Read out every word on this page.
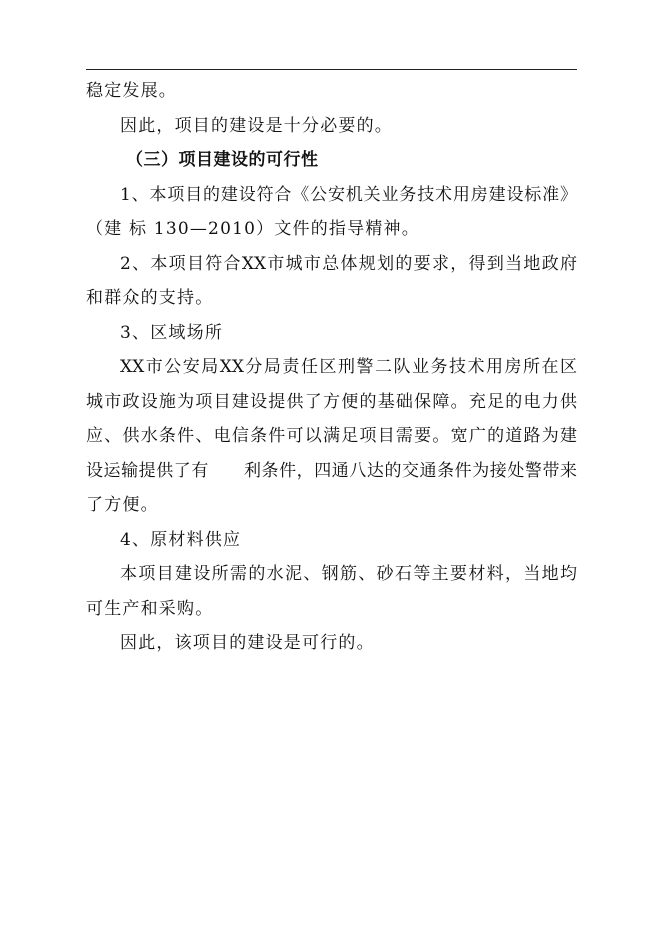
稳定发展。
因此，项目的建设是十分必要的。
（三）项目建设的可行性
1、本项目的建设符合《公安机关业务技术用房建设标准》
（建 标 130—2010）文件的指导精神。
2、本项目符合XX市城市总体规划的要求，得到当地政府
和群众的支持。
3、区域场所
XX市公安局XX分局责任区刑警二队业务技术用房所在区
城市政设施为项目建设提供了方便的基础保障。充足的电力供
应、供水条件、电信条件可以满足项目需要。宽广的道路为建
设运输提供了有　　利条件，四通八达的交通条件为接处警带来
了方便。
4、原材料供应
本项目建设所需的水泥、钢筋、砂石等主要材料，当地均
可生产和采购。
因此，该项目的建设是可行的。
